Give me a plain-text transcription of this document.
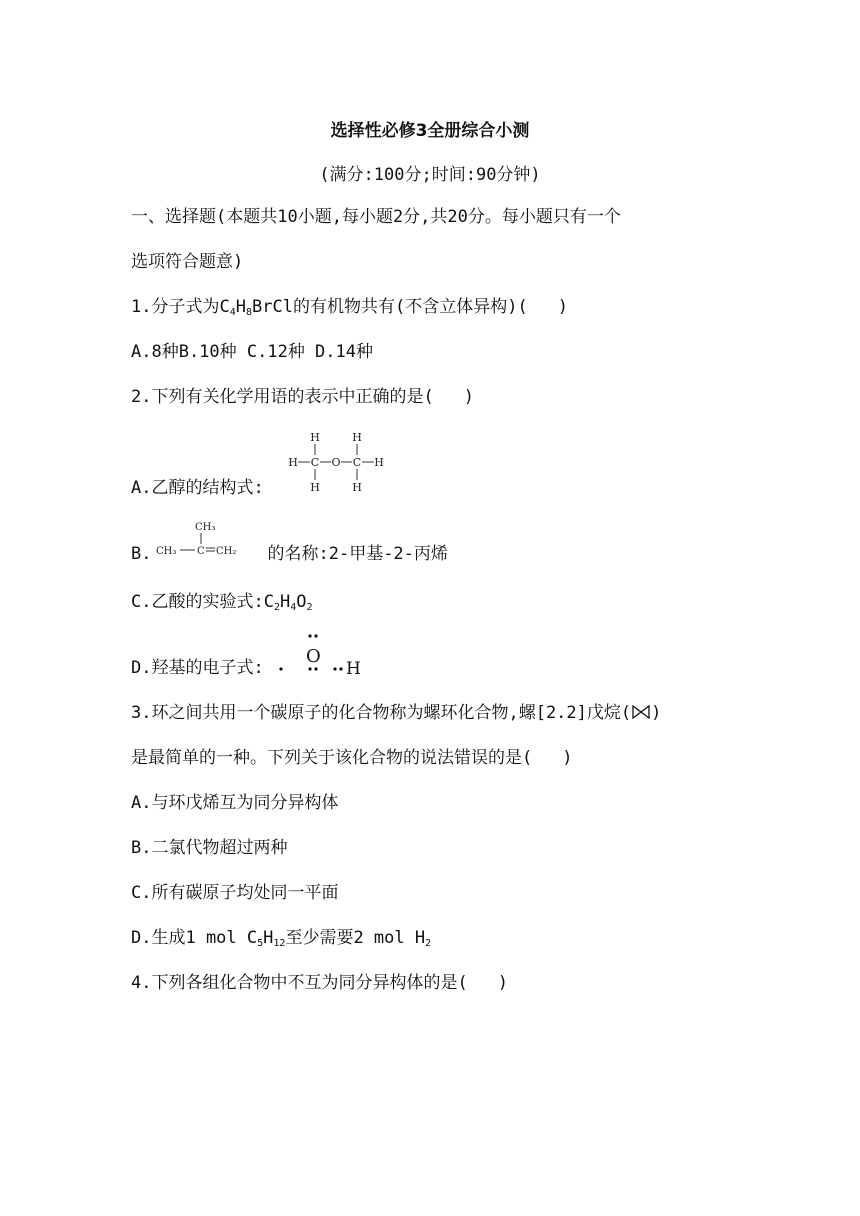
选择性必修3全册综合小测
(满分:100分;时间:90分钟)
一、选择题(本题共10小题,每小题2分,共20分。每小题只有一个
选项符合题意)
1.分子式为$C_4H_8BrCl$的有机物共有(不含立体异构)( )
A.8种B.10种 C.12种 D.14种
2.下列有关化学用语的表示中正确的是( )
A.乙醇的结构式:
H	H
H C O C H
H	H
B.	的名称:2-甲基-2-丙烯
CH₃
CH₃ C CH₂
C.乙酸的实验式$:C_2H_4O_2$
D.羟基的电子式:
O
H
3.环之间共用一个碳原子的化合物称为螺环化合物,螺[2.2]戊烷( )
是最简单的一种。下列关于该化合物的说法错误的是( )
A.与环戊烯互为同分异构体
B.二氯代物超过两种
C.所有碳原子均处同一平面
D.生成1 mol $C_5H_{12}$至少需要2 mol $H_2$
4.下列各组化合物中不互为同分异构体的是( )
